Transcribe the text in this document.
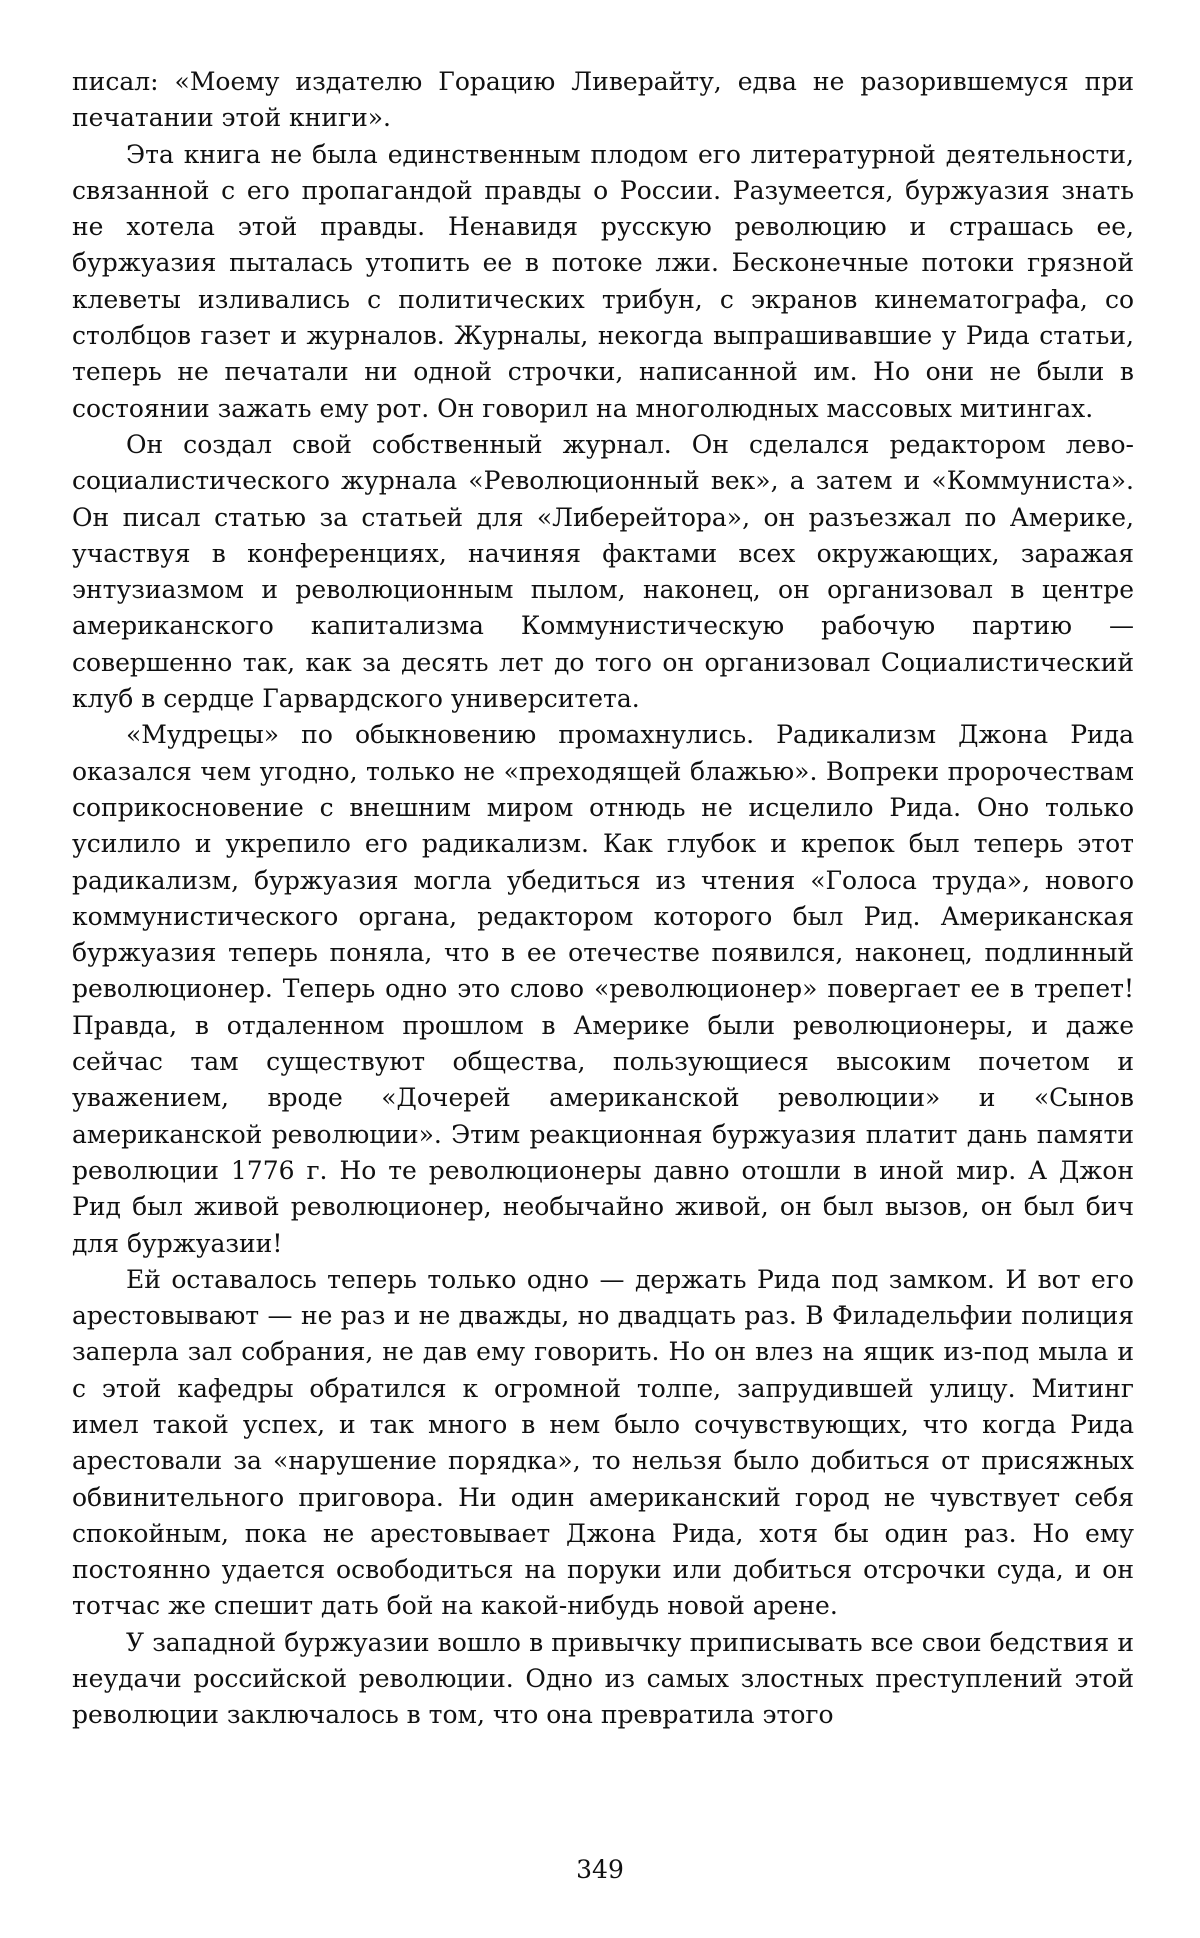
писал: «Моему издателю Горацию Ливерайту, едва не разорившемуся при печатании этой книги».

Эта книга не была единственным плодом его литературной деятель­ности, связанной с его пропагандой правды о России. Разумеется, бур­жуазия знать не хотела этой правды. Ненавидя русскую революцию и страшась ее, буржуазия пыталась утопить ее в потоке лжи. Бесконечные потоки грязной клеветы изливались с политических трибун, с экранов кинематографа, со столбцов газет и журналов. Журналы, некогда выпра­шивавшие у Рида статьи, теперь не печатали ни одной строчки, написан­ной им. Но они не были в состоянии зажать ему рот. Он говорил на многолюдных массовых митингах.

Он создал свой собственный журнал. Он сделался редактором лево­социалистического журнала «Революционный век», а затем и «Комму­ниста». Он писал статью за статьей для «Либерейтора», он разъезжал по Америке, участвуя в конференциях, начиняя фактами всех окружающих, заражая энтузиазмом и революционным пылом, наконец, он организовал в центре американского капитализма Коммунистическую рабочую пар­тию — совершенно так, как за десять лет до того он организовал Социа­листический клуб в сердце Гарвардского университета.

«Мудрецы» по обыкновению промахнулись. Радикализм Джона Рида оказался чем угодно, только не «преходящей блажью». Вопреки проро­чествам соприкосновение с внешним миром отнюдь не исцелило Рида. Оно только усилило и укрепило его радикализм. Как глубок и крепок был теперь этот радикализм, буржуазия могла убедиться из чтения «Голоса труда», нового коммунистического органа, редактором которого был Рид. Американская буржуазия теперь поняла, что в ее отечестве появился, наконец, подлинный революционер. Теперь одно это слово «революционер» повергает ее в трепет! Правда, в отдаленном прошлом в Америке были революционеры, и даже сейчас там существуют общества, пользующиеся высоким почетом и уважением, вроде «Дочерей американ­ской революции» и «Сынов американской революции». Этим реакционная буржуазия платит дань памяти революции 1776 г. Но те революционеры давно отошли в иной мир. А Джон Рид был живой революционер, не­обычайно живой, он был вызов, он был бич для буржуазии!

Ей оставалось теперь только одно — держать Рида под замком. И вот его арестовывают — не раз и не дважды, но двадцать раз. В Фила­дельфии полиция заперла зал собрания, не дав ему говорить. Но он влез на ящик из-под мыла и с этой кафедры обратился к огромной толпе, запрудившей улицу. Митинг имел такой успех, и так много в нем было сочувствующих, что когда Рида арестовали за «нарушение порядка», то нельзя было добиться от присяжных обвинительного приговора. Ни один американский город не чувствует себя спокойным, пока не аресто­вывает Джона Рида, хотя бы один раз. Но ему постоянно удается осво­бодиться на поруки или добиться отсрочки суда, и он тотчас же спешит дать бой на какой-нибудь новой арене.

У западной буржуазии вошло в привычку приписывать все свои бед­ствия и неудачи российской революции. Одно из самых злостных пре­ступлений этой революции заключалось в том, что она превратила этого

349
